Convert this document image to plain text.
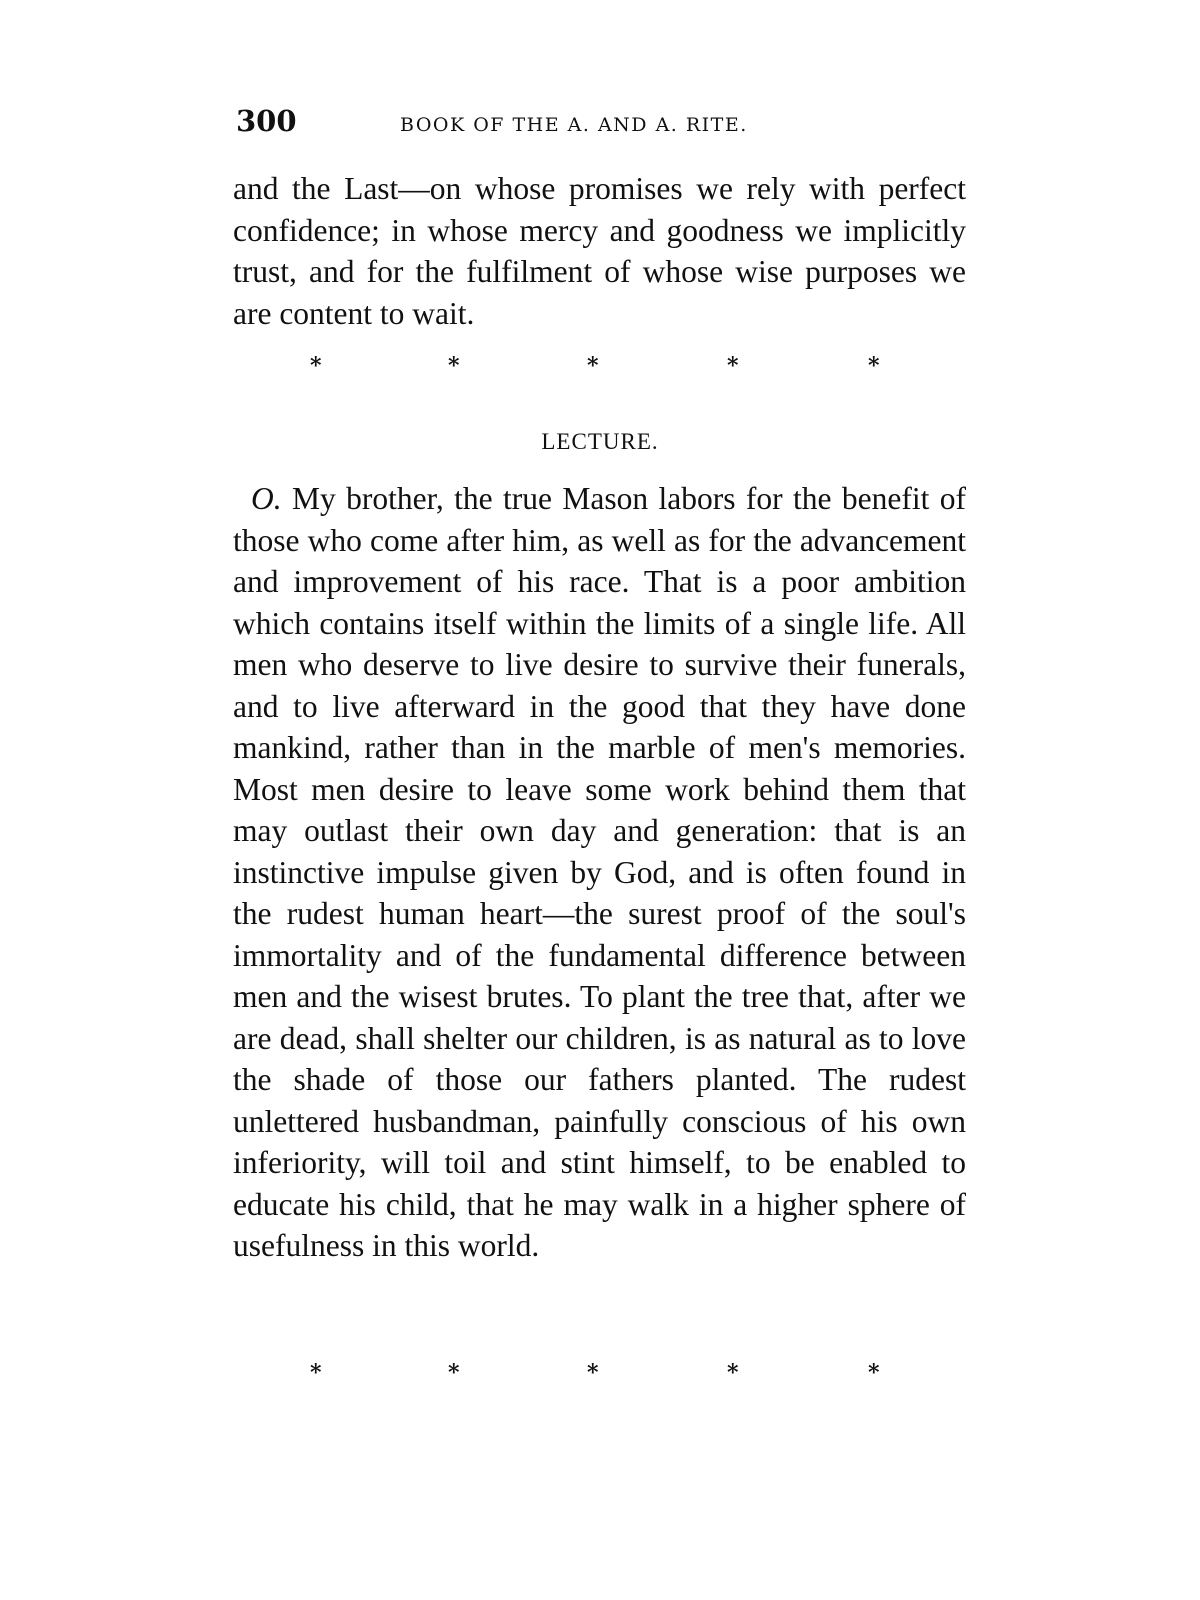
300	BOOK OF THE A. AND A. RITE.

and the Last—on whose promises we rely with perfect confidence; in whose mercy and goodness we implicitly trust, and for the fulfilment of whose wise purposes we are content to wait.

*	*	*	*	*
LECTURE.

O. My brother, the true Mason labors for the benefit of those who come after him, as well as for the advancement and improvement of his race. That is a poor ambition which contains itself within the limits of a single life. All men who deserve to live desire to survive their funerals, and to live afterward in the good that they have done mankind, rather than in the marble of men's memories. Most men desire to leave some work behind them that may outlast their own day and generation: that is an instinctive impulse given by God, and is often found in the rudest human heart—the surest proof of the soul's immortality and of the fundamental difference between men and the wisest brutes. To plant the tree that, after we are dead, shall shelter our children, is as natural as to love the shade of those our fathers planted. The rudest unlettered husbandman, painfully conscious of his own inferiority, will toil and stint himself, to be enabled to educate his child, that he may walk in a higher sphere of usefulness in this world.

*	*	*	*	*
